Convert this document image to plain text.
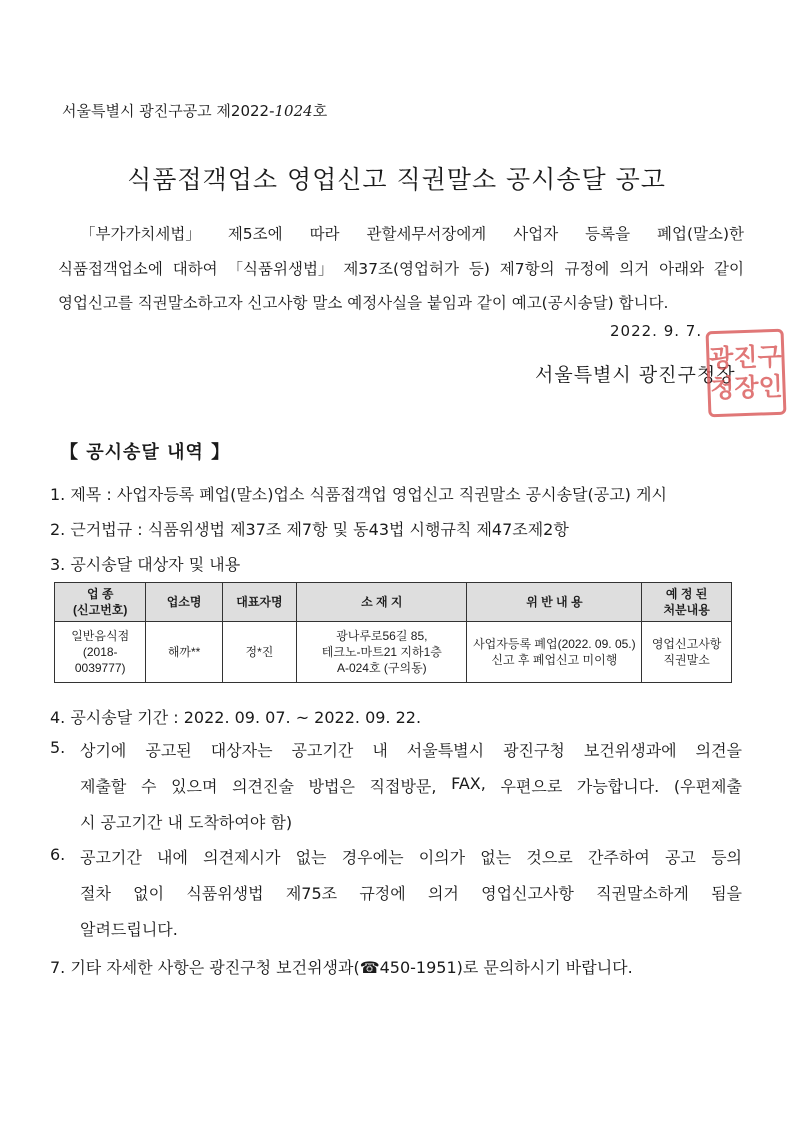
서울특별시 광진구공고 제2022-1024호
식품접객업소 영업신고 직권말소 공시송달 공고
「부가가치세법」 제5조에 따라 관할세무서장에게 사업자 등록을 폐업(말소)한
식품접객업소에 대하여 「식품위생법」 제37조(영업허가 등) 제7항의 규정에 의거 아래와 같이
영업신고를 직권말소하고자 신고사항 말소 예정사실을 붙임과 같이 예고(공시송달) 합니다.
2022. 9. 7.
서울특별시 광진구청장
광진구
청장인
【 공시송달 내역 】
1. 제목 : 사업자등록 폐업(말소)업소 식품접객업 영업신고 직권말소 공시송달(공고) 게시
2. 근거법규 : 식품위생법 제37조 제7항 및 동43법 시행규칙 제47조제2항
3. 공시송달 대상자 및 내용
업 종
(신고번호)	업소명	대표자명	소 재 지	위 반 내 용	예 정 된
처분내용
일반음식점
(2018-0039777)	해까**	정*진	광나루로56길 85,
테크노-마트21 지하1층
A-024호 (구의동)	사업자등록 폐업(2022. 09. 05.)
신고 후 폐업신고 미이행	영업신고사항
직권말소
4. 공시송달 기간 : 2022. 09. 07. ~ 2022. 09. 22.
5. 상기에 공고된 대상자는 공고기간 내 서울특별시 광진구청 보건위생과에 의견을
제출할 수 있으며 의견진술 방법은 직접방문, FAX, 우편으로 가능합니다. (우편제출
시 공고기간 내 도착하여야 함)
6. 공고기간 내에 의견제시가 없는 경우에는 이의가 없는 것으로 간주하여 공고 등의
절차 없이 식품위생법 제75조 규정에 의거 영업신고사항 직권말소하게 됨을
알려드립니다.
7. 기타 자세한 사항은 광진구청 보건위생과(☎450-1951)로 문의하시기 바랍니다.
